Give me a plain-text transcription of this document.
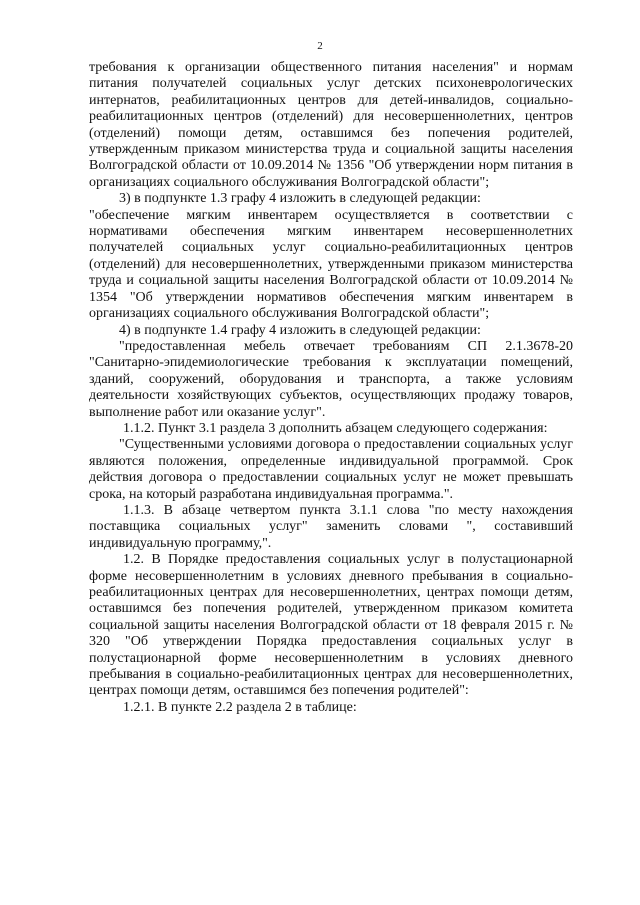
2

требования к организации общественного питания населения" и нормам питания получателей социальных услуг детских психоневрологических интернатов, реабилитационных центров для детей-инвалидов, социально-реабилитационных центров (отделений) для несовершеннолетних, центров (отделений) помощи детям, оставшимся без попечения родителей, утвержденным приказом министерства труда и социальной защиты населения Волгоградской области от 10.09.2014 № 1356 "Об утверждении норм питания в организациях социального обслуживания Волгоградской области";

3) в подпункте 1.3 графу 4 изложить в следующей редакции:

"обеспечение мягким инвентарем осуществляется в соответствии с нормативами обеспечения мягким инвентарем несовершеннолетних получателей социальных услуг социально-реабилитационных центров (отделений) для несовершеннолетних, утвержденными приказом министерства труда и социальной защиты населения Волгоградской области от 10.09.2014 № 1354 "Об утверждении нормативов обеспечения мягким инвентарем в организациях социального обслуживания Волгоградской области";

4) в подпункте 1.4 графу 4 изложить в следующей редакции:

"предоставленная мебель отвечает требованиям СП 2.1.3678-20 "Санитарно-эпидемиологические требования к эксплуатации помещений, зданий, сооружений, оборудования и транспорта, а также условиям деятельности хозяйствующих субъектов, осуществляющих продажу товаров, выполнение работ или оказание услуг".

1.1.2. Пункт 3.1 раздела 3 дополнить абзацем следующего содержания:

"Существенными условиями договора о предоставлении социальных услуг являются положения, определенные индивидуальной программой. Срок действия договора о предоставлении социальных услуг не может превышать срока, на который разработана индивидуальная программа.".

1.1.3. В абзаце четвертом пункта 3.1.1 слова "по месту нахождения поставщика социальных услуг" заменить словами ", составивший индивидуальную программу,".

1.2. В Порядке предоставления социальных услуг в полустационарной форме несовершеннолетним в условиях дневного пребывания в социально-реабилитационных центрах для несовершеннолетних, центрах помощи детям, оставшимся без попечения родителей, утвержденном приказом комитета социальной защиты населения Волгоградской области от 18 февраля 2015 г. № 320 "Об утверждении Порядка предоставления социальных услуг в полустационарной форме несовершеннолетним в условиях дневного пребывания в социально-реабилитационных центрах для несовершеннолетних, центрах помощи детям, оставшимся без попечения родителей":

1.2.1. В пункте 2.2 раздела 2 в таблице:
